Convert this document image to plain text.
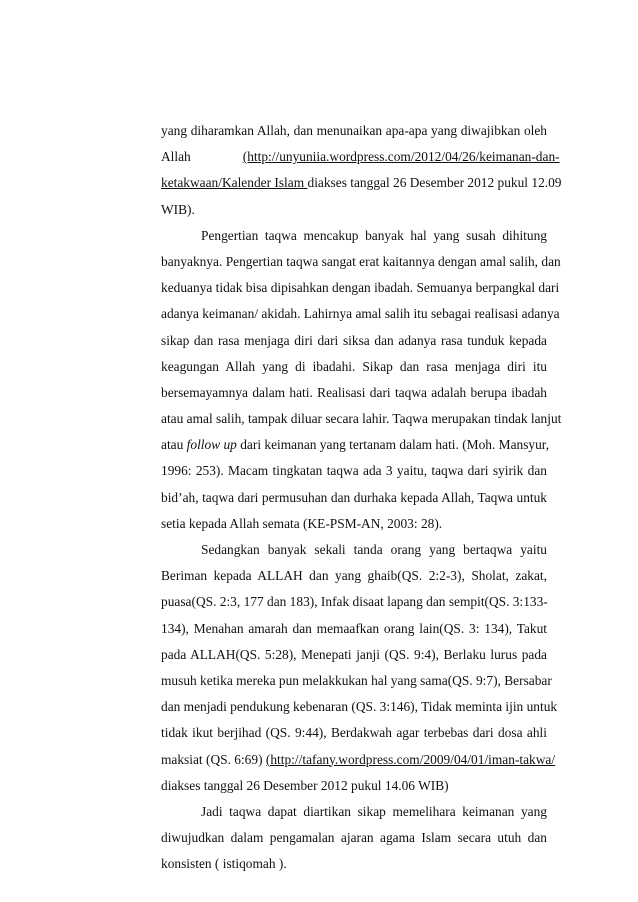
yang diharamkan Allah, dan menunaikan apa-apa yang diwajibkan oleh
Allah	(http://unyuniia.wordpress.com/2012/04/26/keimanan-dan-
ketakwaan/Kalender Islam diakses tanggal 26 Desember 2012 pukul 12.09
WIB).
Pengertian taqwa mencakup banyak hal yang susah dihitung
banyaknya. Pengertian taqwa sangat erat kaitannya dengan amal salih, dan
keduanya tidak bisa dipisahkan dengan ibadah. Semuanya berpangkal dari
adanya keimanan/ akidah. Lahirnya amal salih itu sebagai realisasi adanya
sikap dan rasa menjaga diri dari siksa dan adanya rasa tunduk kepada
keagungan Allah yang di ibadahi. Sikap dan rasa menjaga diri itu
bersemayamnya dalam hati. Realisasi dari taqwa adalah berupa ibadah
atau amal salih, tampak diluar secara lahir. Taqwa merupakan tindak lanjut
atau follow up dari keimanan yang tertanam dalam hati. (Moh. Mansyur,
1996: 253). Macam tingkatan taqwa ada 3 yaitu, taqwa dari syirik dan
bid’ah, taqwa dari permusuhan dan durhaka kepada Allah, Taqwa untuk
setia kepada Allah semata (KE-PSM-AN, 2003: 28).
Sedangkan banyak sekali tanda orang yang bertaqwa yaitu
Beriman kepada ALLAH dan yang ghaib(QS. 2:2-3), Sholat, zakat,
puasa(QS. 2:3, 177 dan 183), Infak disaat lapang dan sempit(QS. 3:133-
134), Menahan amarah dan memaafkan orang lain(QS. 3: 134), Takut
pada ALLAH(QS. 5:28), Menepati janji (QS. 9:4), Berlaku lurus pada
musuh ketika mereka pun melakkukan hal yang sama(QS. 9:7), Bersabar
dan menjadi pendukung kebenaran (QS. 3:146), Tidak meminta ijin untuk
tidak ikut berjihad (QS. 9:44), Berdakwah agar terbebas dari dosa ahli
maksiat (QS. 6:69) (http://tafany.wordpress.com/2009/04/01/iman-takwa/
diakses tanggal 26 Desember 2012 pukul 14.06 WIB)
Jadi taqwa dapat diartikan sikap memelihara keimanan yang
diwujudkan dalam pengamalan ajaran agama Islam secara utuh dan
konsisten ( istiqomah ).
